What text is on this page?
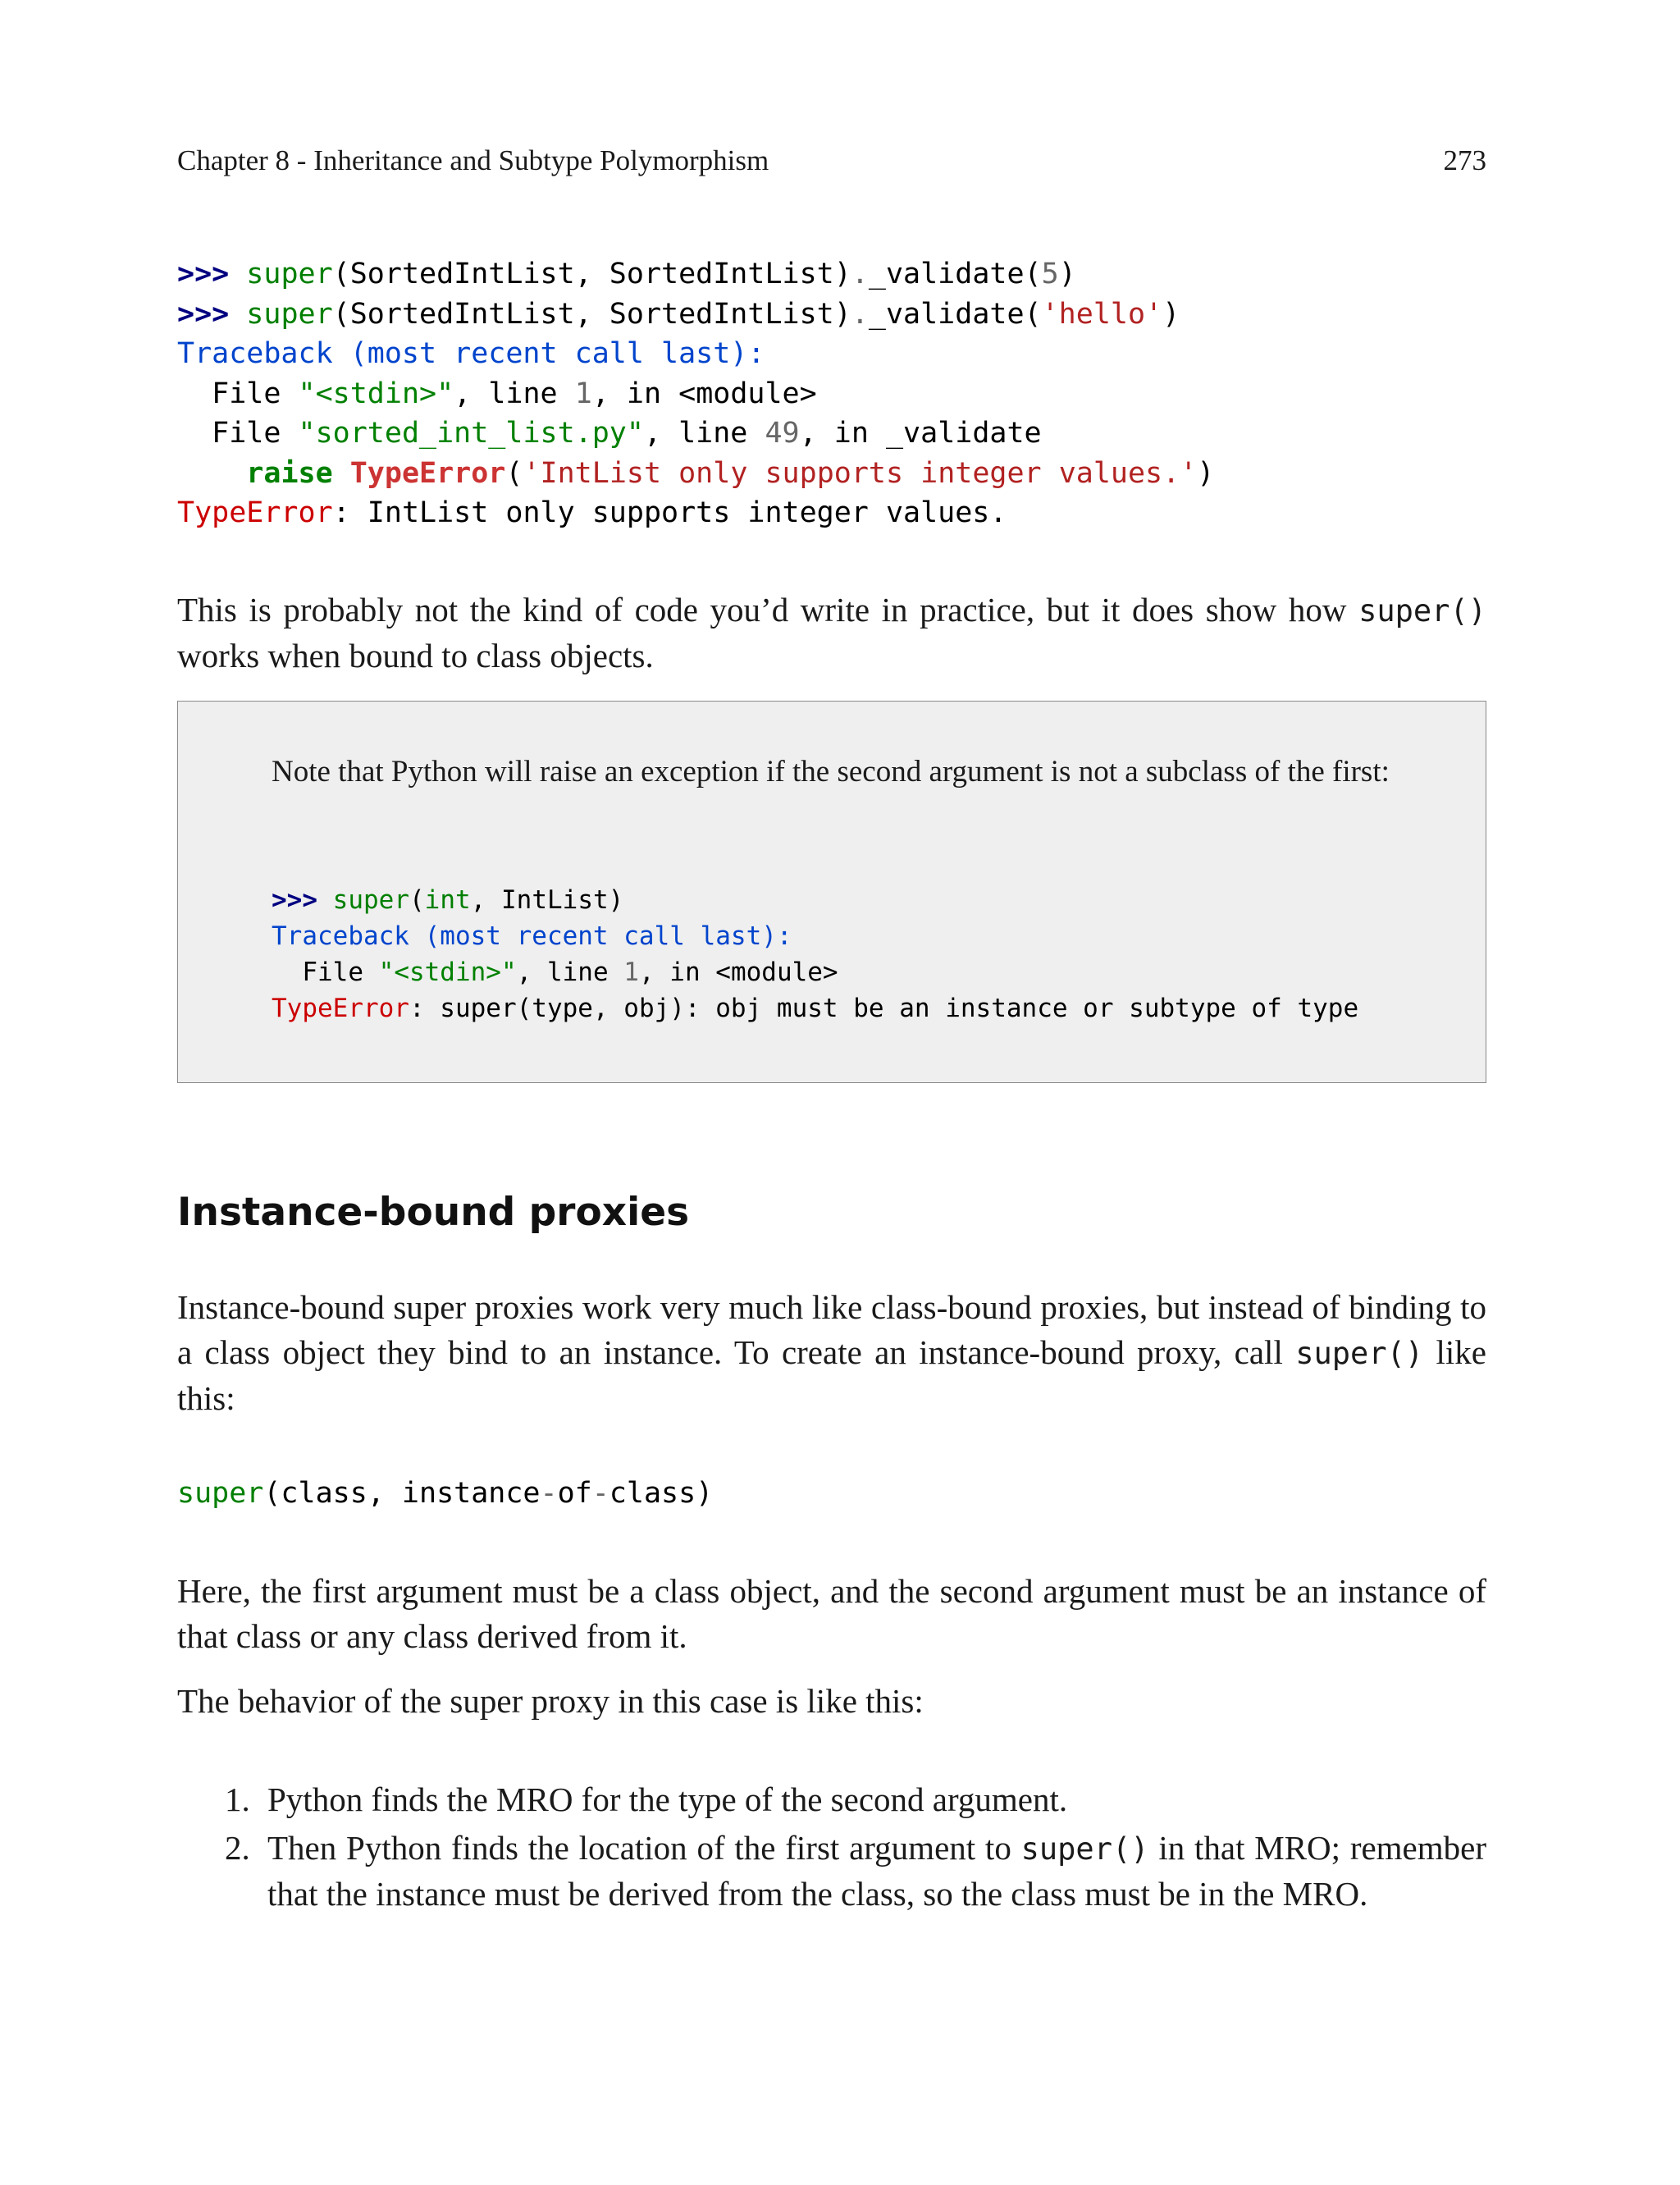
Chapter 8 - Inheritance and Subtype Polymorphism	273
>>> super(SortedIntList, SortedIntList)._validate(5)
>>> super(SortedIntList, SortedIntList)._validate('hello')
Traceback (most recent call last):
File "<stdin>", line 1, in <module>
File "sorted_int_list.py", line 49, in _validate
raise TypeError('IntList only supports integer values.')
TypeError: IntList only supports integer values.
This is probably not the kind of code you’d write in practice, but it does show how super() works when bound to class objects.
Note that Python will raise an exception if the second argument is not a subclass of the first:
>>> super(int, IntList)
Traceback (most recent call last):
File "<stdin>", line 1, in <module>
TypeError: super(type, obj): obj must be an instance or subtype of type
Instance-bound proxies
Instance-bound super proxies work very much like class-bound proxies, but instead of binding to a class object they bind to an instance. To create an instance-bound proxy, call super() like this:
super(class, instance-of-class)
Here, the first argument must be a class object, and the second argument must be an instance of that class or any class derived from it.
The behavior of the super proxy in this case is like this:
1. Python finds the MRO for the type of the second argument.
2. Then Python finds the location of the first argument to super() in that MRO; remember that the instance must be derived from the class, so the class must be in the MRO.
